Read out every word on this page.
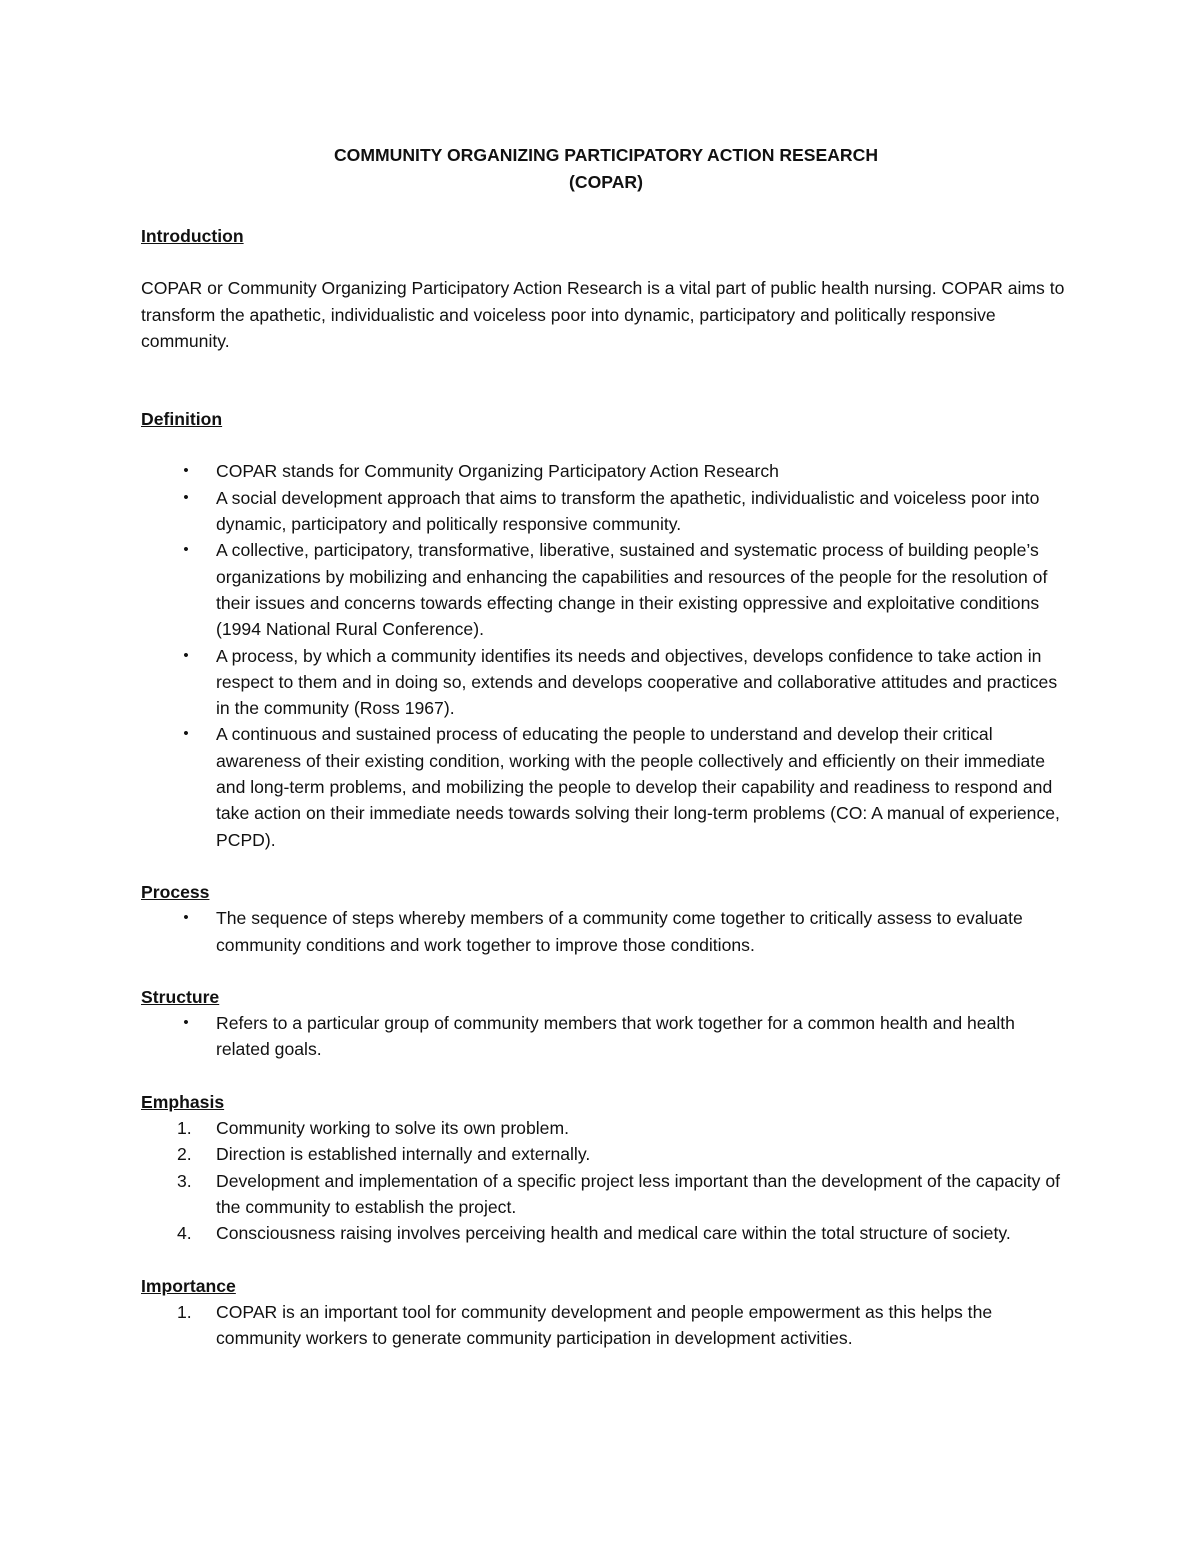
COMMUNITY ORGANIZING PARTICIPATORY ACTION RESEARCH

(COPAR)

Introduction

COPAR or Community Organizing Participatory Action Research is a vital part of public health nursing. COPAR aims to transform the apathetic, individualistic and voiceless poor into dynamic, participatory and politically responsive community.

Definition

•	COPAR stands for Community Organizing Participatory Action Research
•	A social development approach that aims to transform the apathetic, individualistic and voiceless poor into dynamic, participatory and politically responsive community.
•	A collective, participatory, transformative, liberative, sustained and systematic process of building people’s organizations by mobilizing and enhancing the capabilities and resources of the people for the resolution of their issues and concerns towards effecting change in their existing oppressive and exploitative conditions (1994 National Rural Conference).
•	A process, by which a community identifies its needs and objectives, develops confidence to take action in respect to them and in doing so, extends and develops cooperative and collaborative attitudes and practices in the community (Ross 1967).
•	A continuous and sustained process of educating the people to understand and develop their critical awareness of their existing condition, working with the people collectively and efficiently on their immediate and long-term problems, and mobilizing the people to develop their capability and readiness to respond and take action on their immediate needs towards solving their long-term problems (CO: A manual of experience, PCPD).

Process

•	The sequence of steps whereby members of a community come together to critically assess to evaluate community conditions and work together to improve those conditions.

Structure

•	Refers to a particular group of community members that work together for a common health and health related goals.

Emphasis

1.	Community working to solve its own problem.
2.	Direction is established internally and externally.
3.	Development and implementation of a specific project less important than the development of the capacity of the community to establish the project.
4.	Consciousness raising involves perceiving health and medical care within the total structure of society.

Importance

1.	COPAR is an important tool for community development and people empowerment as this helps the community workers to generate community participation in development activities.
